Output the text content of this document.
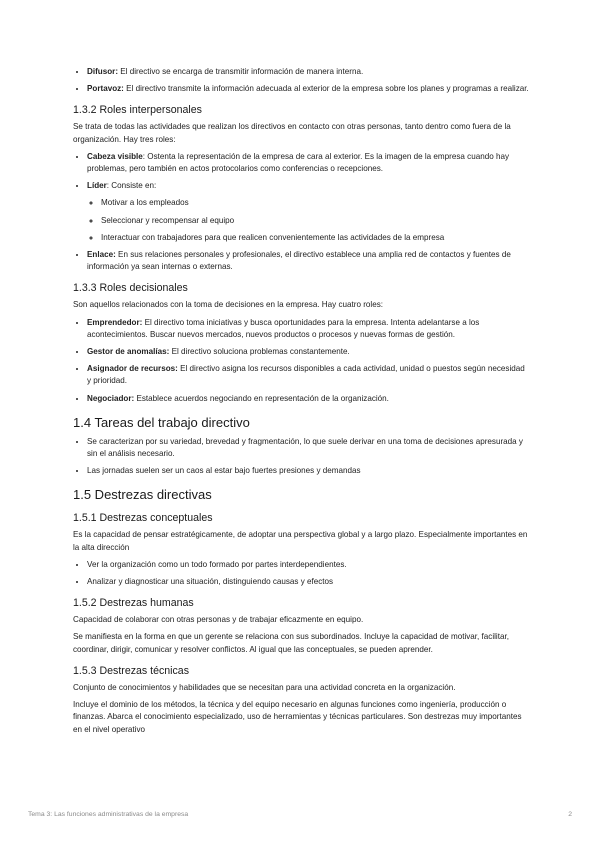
• Difusor: El directivo se encarga de transmitir información de manera interna.
• Portavoz: El directivo transmite la información adecuada al exterior de la empresa sobre los planes y programas a realizar.
1.3.2 Roles interpersonales

Se trata de todas las actividades que realizan los directivos en contacto con otras personas, tanto dentro como fuera de la organización. Hay tres roles:

• Cabeza visible: Ostenta la representación de la empresa de cara al exterior. Es la imagen de la empresa cuando hay problemas, pero también en actos protocolarios como conferencias o recepciones.
• Líder: Consiste en:
◦ Motivar a los empleados
◦ Seleccionar y recompensar al equipo
◦ Interactuar con trabajadores para que realicen convenientemente las actividades de la empresa
• Enlace: En sus relaciones personales y profesionales, el directivo establece una amplia red de contactos y fuentes de información ya sean internas o externas.
1.3.3 Roles decisionales

Son aquellos relacionados con la toma de decisiones en la empresa. Hay cuatro roles:

• Emprendedor: El directivo toma iniciativas y busca oportunidades para la empresa. Intenta adelantarse a los acontecimientos. Buscar nuevos mercados, nuevos productos o procesos y nuevas formas de gestión.
• Gestor de anomalías: El directivo soluciona problemas constantemente.
• Asignador de recursos: El directivo asigna los recursos disponibles a cada actividad, unidad o puestos según necesidad y prioridad.
• Negociador: Establece acuerdos negociando en representación de la organización.
1.4 Tareas del trabajo directivo
• Se caracterizan por su variedad, brevedad y fragmentación, lo que suele derivar en una toma de decisiones apresurada y sin el análisis necesario.
• Las jornadas suelen ser un caos al estar bajo fuertes presiones y demandas
1.5 Destrezas directivas
1.5.1 Destrezas conceptuales

Es la capacidad de pensar estratégicamente, de adoptar una perspectiva global y a largo plazo. Especialmente importantes en la alta dirección

• Ver la organización como un todo formado por partes interdependientes.
• Analizar y diagnosticar una situación, distinguiendo causas y efectos
1.5.2 Destrezas humanas

Capacidad de colaborar con otras personas y de trabajar eficazmente en equipo.

Se manifiesta en la forma en que un gerente se relaciona con sus subordinados. Incluye la capacidad de motivar, facilitar, coordinar, dirigir, comunicar y resolver conflictos. Al igual que las conceptuales, se pueden aprender.

1.5.3 Destrezas técnicas

Conjunto de conocimientos y habilidades que se necesitan para una actividad concreta en la organización.

Incluye el dominio de los métodos, la técnica y del equipo necesario en algunas funciones como ingeniería, producción o finanzas. Abarca el conocimiento especializado, uso de herramientas y técnicas particulares. Son destrezas muy importantes en el nivel operativo

Tema 3: Las funciones administrativas de la empresa	2
